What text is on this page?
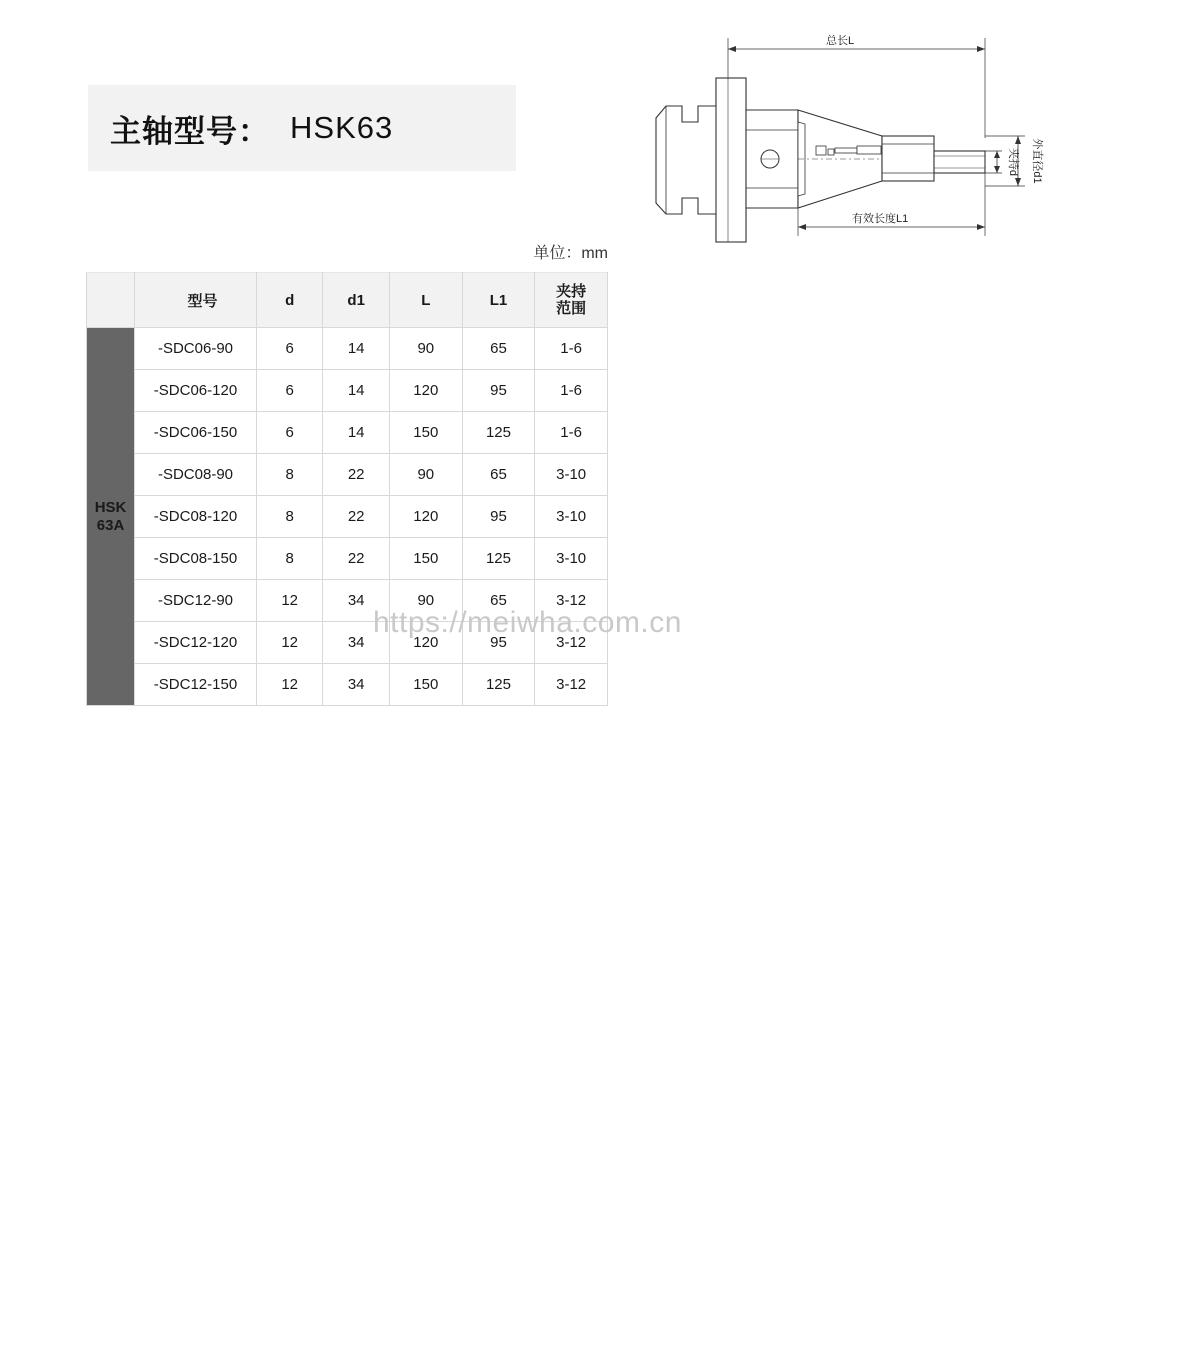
主轴型号： HSK63
单位：mm
	型号	d	d1	L	L1	夹持
范围

HSK
63A	-SDC06-90	6	14	90	65	1-6
	-SDC06-120	6	14	120	95	1-6
	-SDC06-150	6	14	150	125	1-6
	-SDC08-90	8	22	90	65	3-10
	-SDC08-120	8	22	120	95	3-10
	-SDC08-150	8	22	150	125	3-10
	-SDC12-90	12	34	90	65	3-12
	-SDC12-120	12	34	120	95	3-12
	-SDC12-150	12	34	150	125	3-12
https://meiwha.com.cn
总长L
有效长度L1
外直径d1
夹持d
